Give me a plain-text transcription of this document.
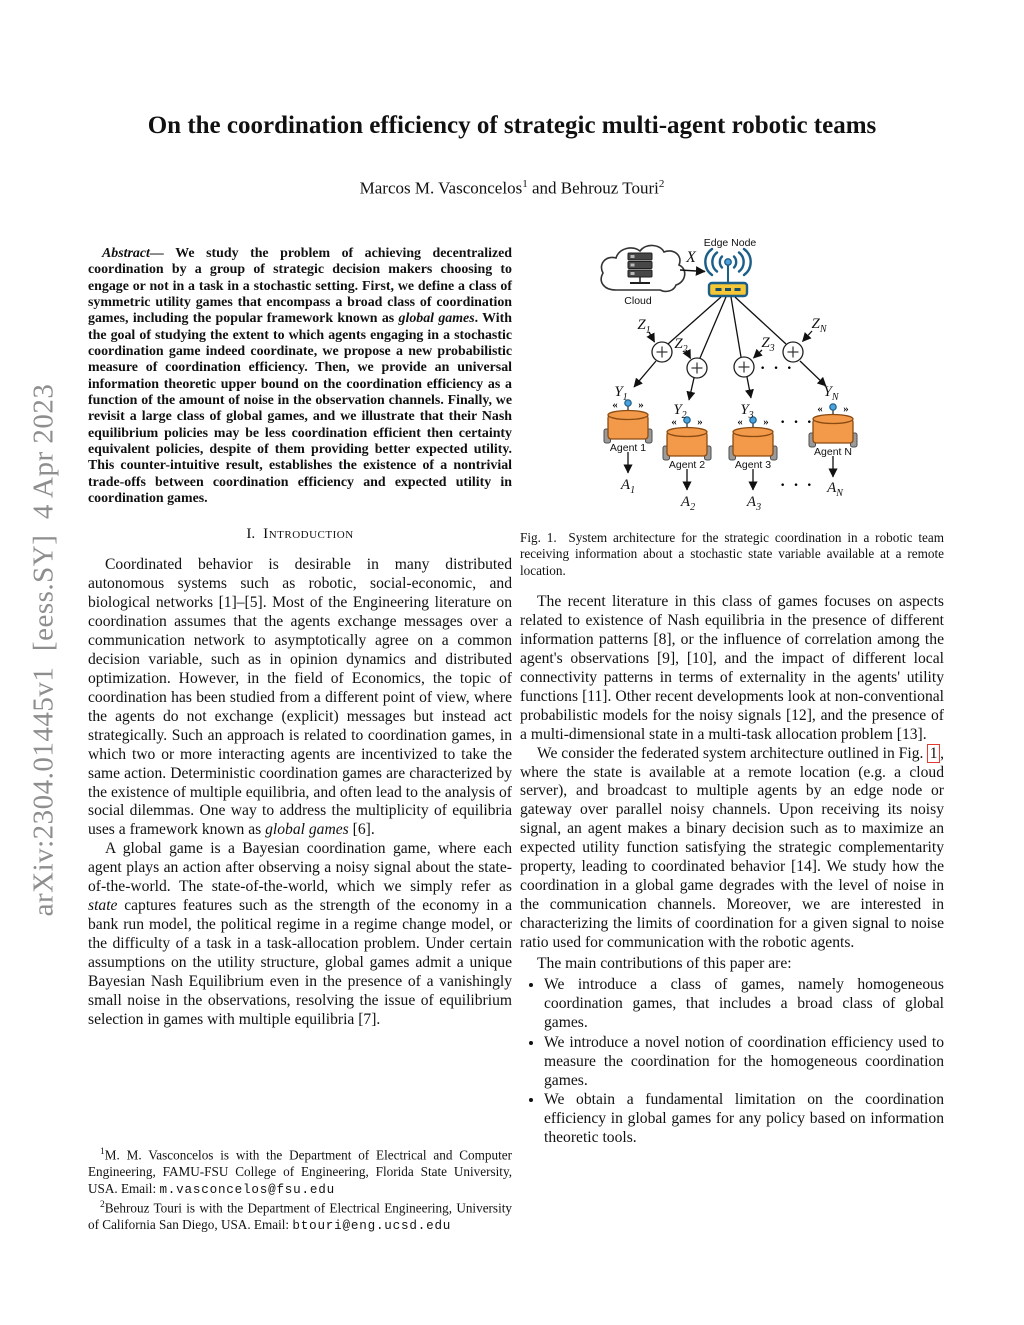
arXiv:2304.01445v1  [eess.SY]  4 Apr 2023
On the coordination efficiency of strategic multi-agent robotic teams
Marcos M. Vasconcelos$^1$ and Behrouz Touri$^2$

Abstract— We study the problem of achieving decentralized coordination by a group of strategic decision makers choosing to engage or not in a task in a stochastic setting. First, we define a class of symmetric utility games that encompass a broad class of coordination games, including the popular framework known as global games. With the goal of studying the extent to which agents engaging in a stochastic coordination game indeed coordinate, we propose a new probabilistic measure of coordination efficiency. Then, we provide an universal information theoretic upper bound on the coordination efficiency as a function of the amount of noise in the observation channels. Finally, we revisit a large class of global games, and we illustrate that their Nash equilibrium policies may be less coordination efficient then certainty equivalent policies, despite of them providing better expected utility. This counter-intuitive result, establishes the existence of a nontrivial trade-offs between coordination efficiency and expected utility in coordination games.

I. Introduction

Coordinated behavior is desirable in many distributed autonomous systems such as robotic, social-economic, and biological networks [1]–[5]. Most of the Engineering literature on coordination assumes that the agents exchange messages over a communication network to asymptotically agree on a common decision variable, such as in opinion dynamics and distributed optimization. However, in the field of Economics, the topic of coordination has been studied from a different point of view, where the agents do not exchange (explicit) messages but instead act strategically. Such an approach is related to coordination games, in which two or more interacting agents are incentivized to take the same action. Deterministic coordination games are characterized by the existence of multiple equilibria, and often lead to the analysis of social dilemmas. One way to address the multiplicity of equilibria uses a framework known as global games [6].

A global game is a Bayesian coordination game, where each agent plays an action after observing a noisy signal about the state-of-the-world. The state-of-the-world, which we simply refer as state captures features such as the strength of the economy in a bank run model, the political regime in a regime change model, or the difficulty of a task in a task-allocation problem. Under certain assumptions on the utility structure, global games admit a unique Bayesian Nash Equilibrium even in the presence of a vanishingly small noise in the observations, resolving the issue of equilibrium selection in games with multiple equilibria [7].

$^1$M. M. Vasconcelos is with the Department of Electrical and Computer Engineering, FAMU-FSU College of Engineering, Florida State University, USA. Email: m.vasconcelos@fsu.edu

$^2$Behrouz Touri is with the Department of Electrical Engineering, University of California San Diego, USA. Email: btouri@eng.ucsd.edu

« »
« »	« »
« »
· · ·
· · ·
· · ·
Cloud
Edge Node
X
$Z_1$
$Z_2$	$Z_3$
$Z_N$
$Y_1$
$Y_2$	$Y_3$
$Y_N$
Agent 1
Agent 2	Agent 3
Agent N
$A_1$
$A_2$	$A_3$
$A_N$
Fig. 1. System architecture for the strategic coordination in a robotic team receiving information about a stochastic state variable available at a remote location.

The recent literature in this class of games focuses on aspects related to existence of Nash equilibria in the presence of different information patterns [8], or the influence of correlation among the agent's observations [9], [10], and the impact of different local connectivity patterns in terms of externality in the agents' utility functions [11]. Other recent developments look at non-conventional probabilistic models for the noisy signals [12], and the presence of a multi-dimensional state in a multi-task allocation problem [13].

We consider the federated system architecture outlined in Fig. 1 , where the state is available at a remote location (e.g. a cloud server), and broadcast to multiple agents by an edge node or gateway over parallel noisy channels. Upon receiving its noisy signal, an agent makes a binary decision such as to maximize an expected utility function satisfying the strategic complementarity property, leading to coordinated behavior [14]. We study how the coordination in a global game degrades with the level of noise in the communication channels. Moreover, we are interested in characterizing the limits of coordination for a given signal to noise ratio used for communication with the robotic agents.

The main contributions of this paper are:

• We introduce a class of games, namely homogeneous coordination games, that includes a broad class of global games.
• We introduce a novel notion of coordination efficiency used to measure the coordination for the homogeneous coordination games.
• We obtain a fundamental limitation on the coordination efficiency in global games for any policy based on information theoretic tools.
